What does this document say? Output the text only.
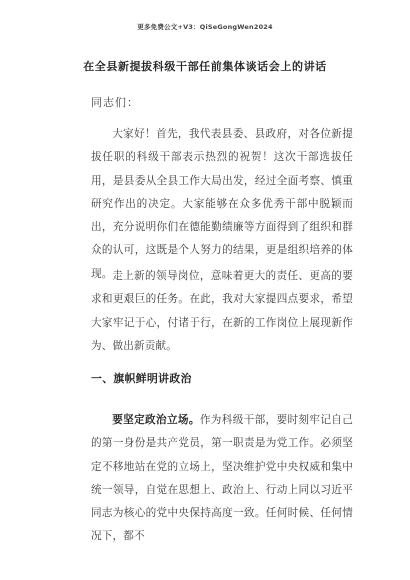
更多免费公文+V3：QiSeGongWen2024
在全县新提拔科级干部任前集体谈话会上的讲话
同志们：

大家好！首先，我代表县委、县政府，对各位新提拔任职的科级干部表示热烈的祝贺！这次干部选拔任用，是县委从全县工作大局出发，经过全面考察、慎重研究作出的决定。大家能够在众多优秀干部中脱颖而出，充分说明你们在德能勤绩廉等方面得到了组织和群众的认可，这既是个人努力的结果，更是组织培养的体现。 走上新的领导岗位，意味着更大的责任、更高的要求和更艰巨的任务。在此，我对大家提四点要求，希望大家牢记于心，付诸于行，在新的工作岗位上展现新作为、做出新贡献。

一、旗帜鲜明讲政治

要坚定政治立场。作为科级干部，要时刻牢记自己的第一身份是共产党员，第一职责是为党工作。必须坚定不移地站在党的立场上，坚决维护党中央权威和集中统一领导，自觉在思想上、政治上、行动上同以习近平同志为核心的党中央保持高度一致。任何时候、任何情况下，都不
